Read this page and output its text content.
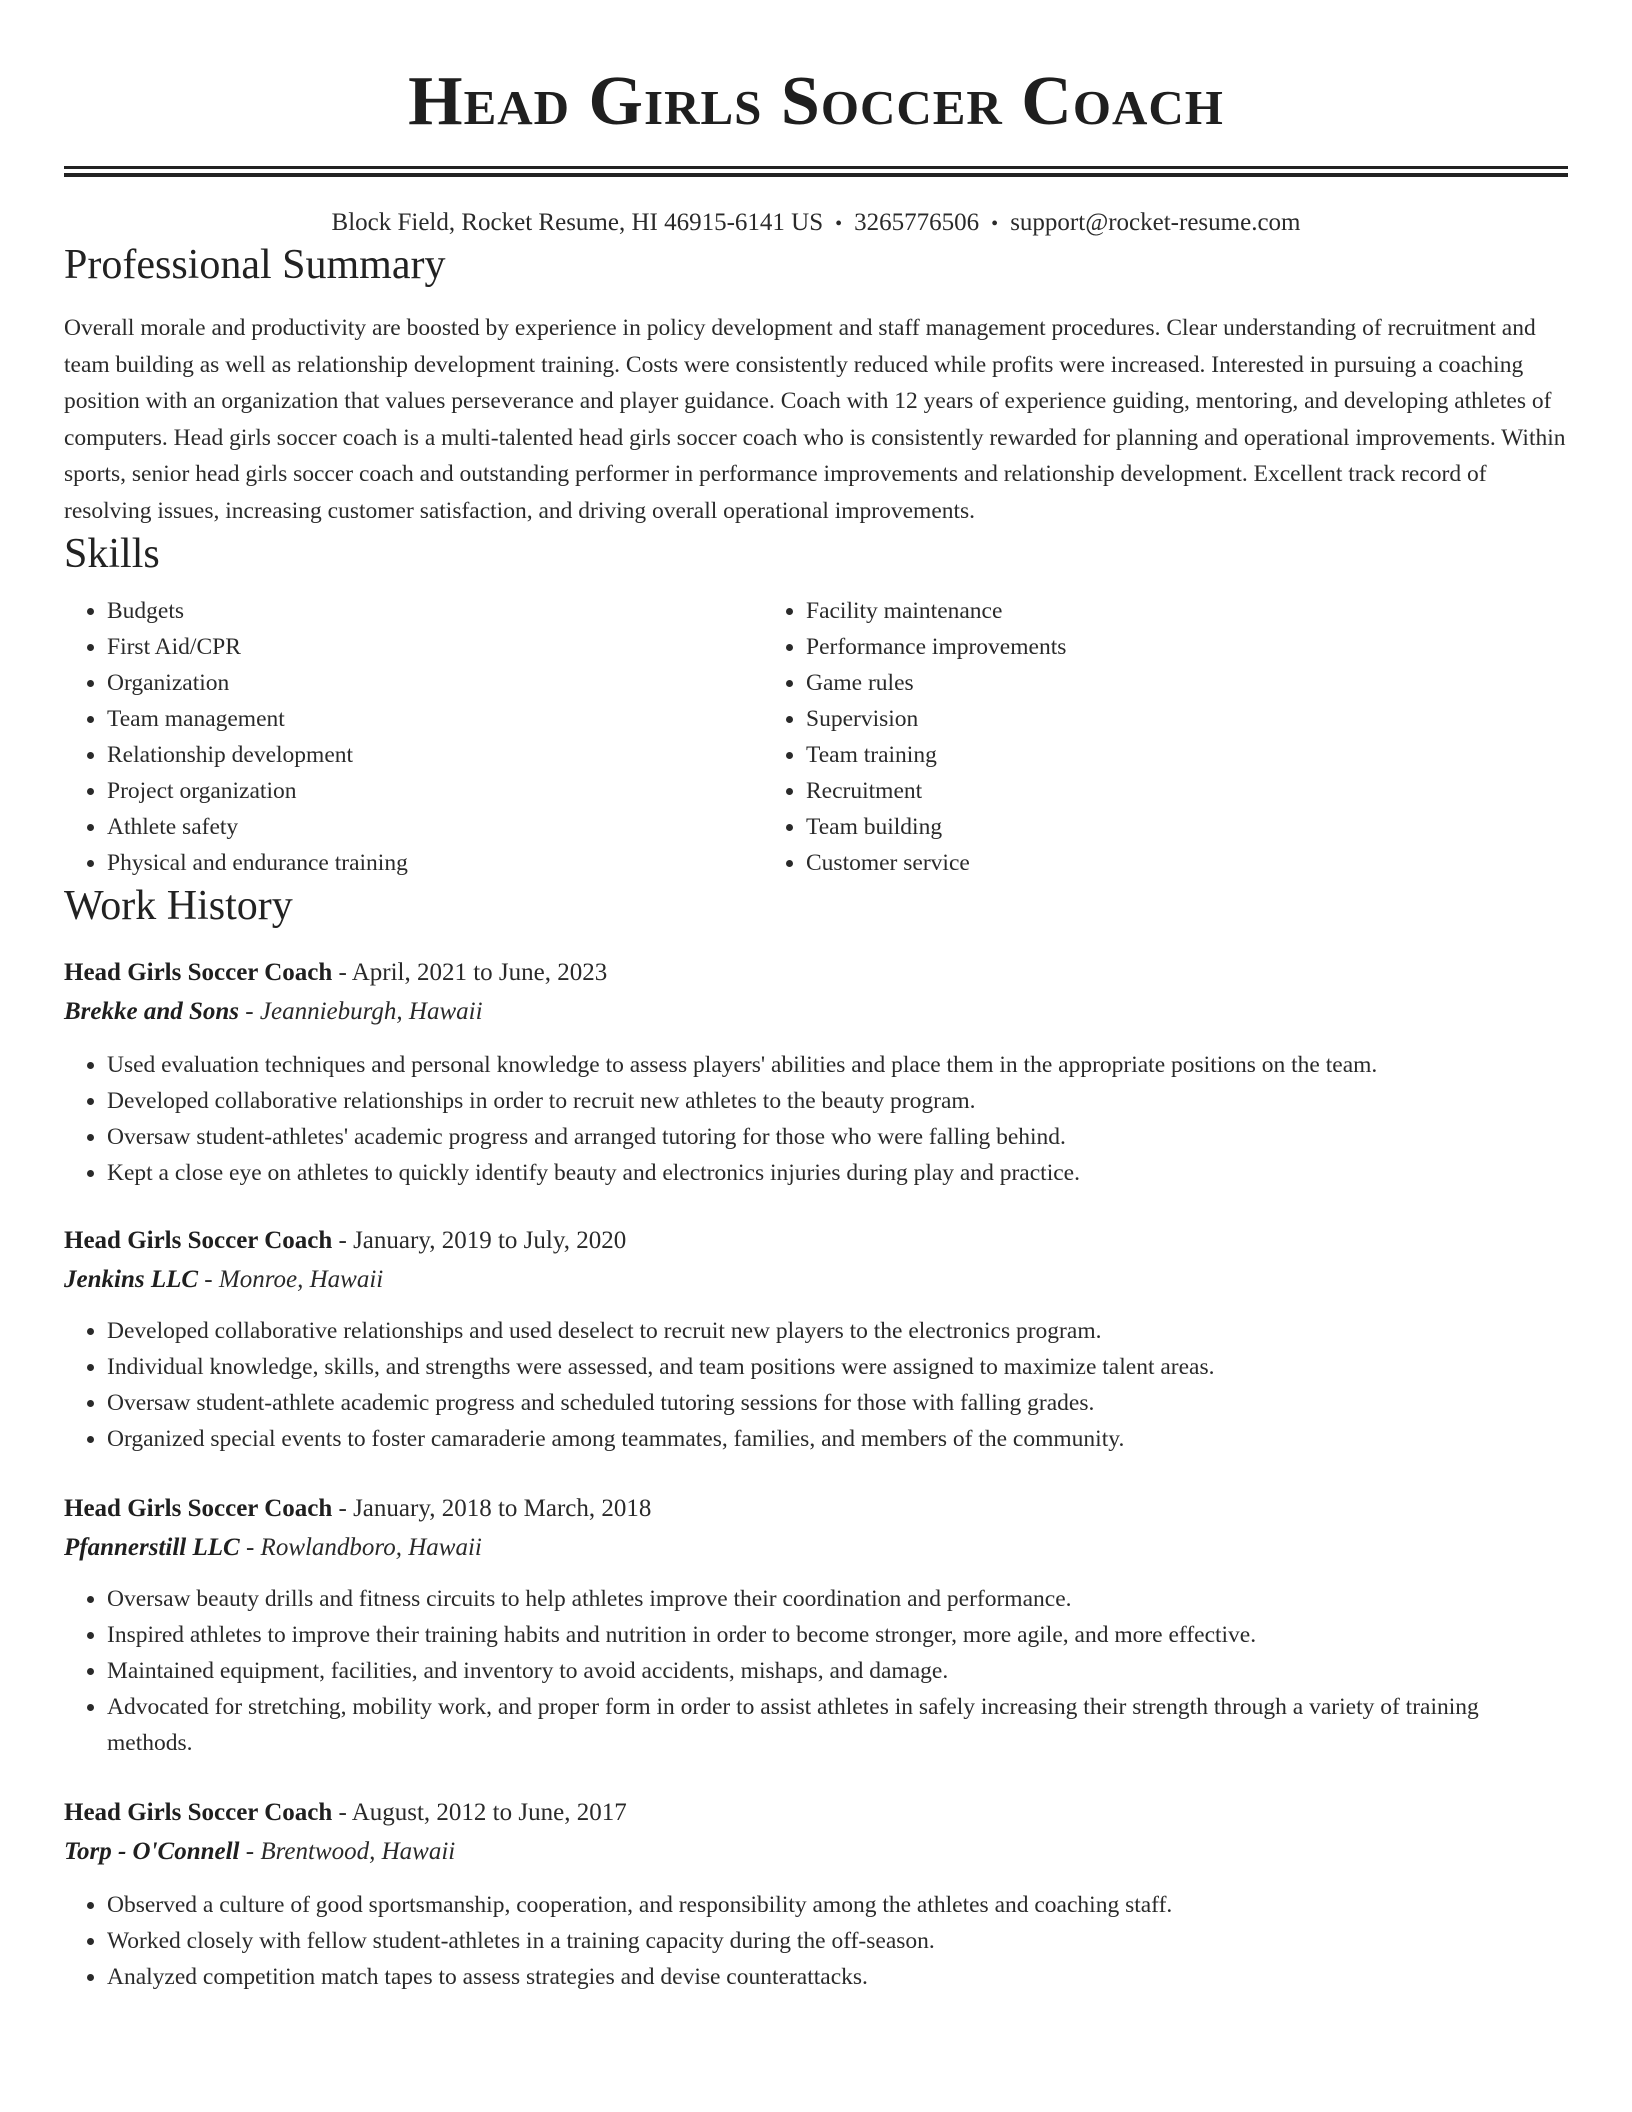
Head Girls Soccer Coach
Block Field, Rocket Resume, HI 46915-6141 US • 3265776506 • support@rocket-resume.com
Professional Summary
Overall morale and productivity are boosted by experience in policy development and staff management procedures. Clear understanding of recruitment and team building as well as relationship development training. Costs were consistently reduced while profits were increased. Interested in pursuing a coaching position with an organization that values perseverance and player guidance. Coach with 12 years of experience guiding, mentoring, and developing athletes of computers. Head girls soccer coach is a multi-talented head girls soccer coach who is consistently rewarded for planning and operational improvements. Within sports, senior head girls soccer coach and outstanding performer in performance improvements and relationship development. Excellent track record of resolving issues, increasing customer satisfaction, and driving overall operational improvements.
Skills
• Budgets
• First Aid/CPR
• Organization
• Team management
• Relationship development
• Project organization
• Athlete safety
• Physical and endurance training
• Facility maintenance
• Performance improvements
• Game rules
• Supervision
• Team training
• Recruitment
• Team building
• Customer service
Work History
Head Girls Soccer Coach - April, 2021 to June, 2023
Brekke and Sons - Jeannieburgh, Hawaii
• Used evaluation techniques and personal knowledge to assess players' abilities and place them in the appropriate positions on the team.
• Developed collaborative relationships in order to recruit new athletes to the beauty program.
• Oversaw student-athletes' academic progress and arranged tutoring for those who were falling behind.
• Kept a close eye on athletes to quickly identify beauty and electronics injuries during play and practice.
Head Girls Soccer Coach - January, 2019 to July, 2020
Jenkins LLC - Monroe, Hawaii
• Developed collaborative relationships and used deselect to recruit new players to the electronics program.
• Individual knowledge, skills, and strengths were assessed, and team positions were assigned to maximize talent areas.
• Oversaw student-athlete academic progress and scheduled tutoring sessions for those with falling grades.
• Organized special events to foster camaraderie among teammates, families, and members of the community.
Head Girls Soccer Coach - January, 2018 to March, 2018
Pfannerstill LLC - Rowlandboro, Hawaii
• Oversaw beauty drills and fitness circuits to help athletes improve their coordination and performance.
• Inspired athletes to improve their training habits and nutrition in order to become stronger, more agile, and more effective.
• Maintained equipment, facilities, and inventory to avoid accidents, mishaps, and damage.
• Advocated for stretching, mobility work, and proper form in order to assist athletes in safely increasing their strength through a variety of training methods.
Head Girls Soccer Coach - August, 2012 to June, 2017
Torp - O'Connell - Brentwood, Hawaii
• Observed a culture of good sportsmanship, cooperation, and responsibility among the athletes and coaching staff.
• Worked closely with fellow student-athletes in a training capacity during the off-season.
• Analyzed competition match tapes to assess strategies and devise counterattacks.
